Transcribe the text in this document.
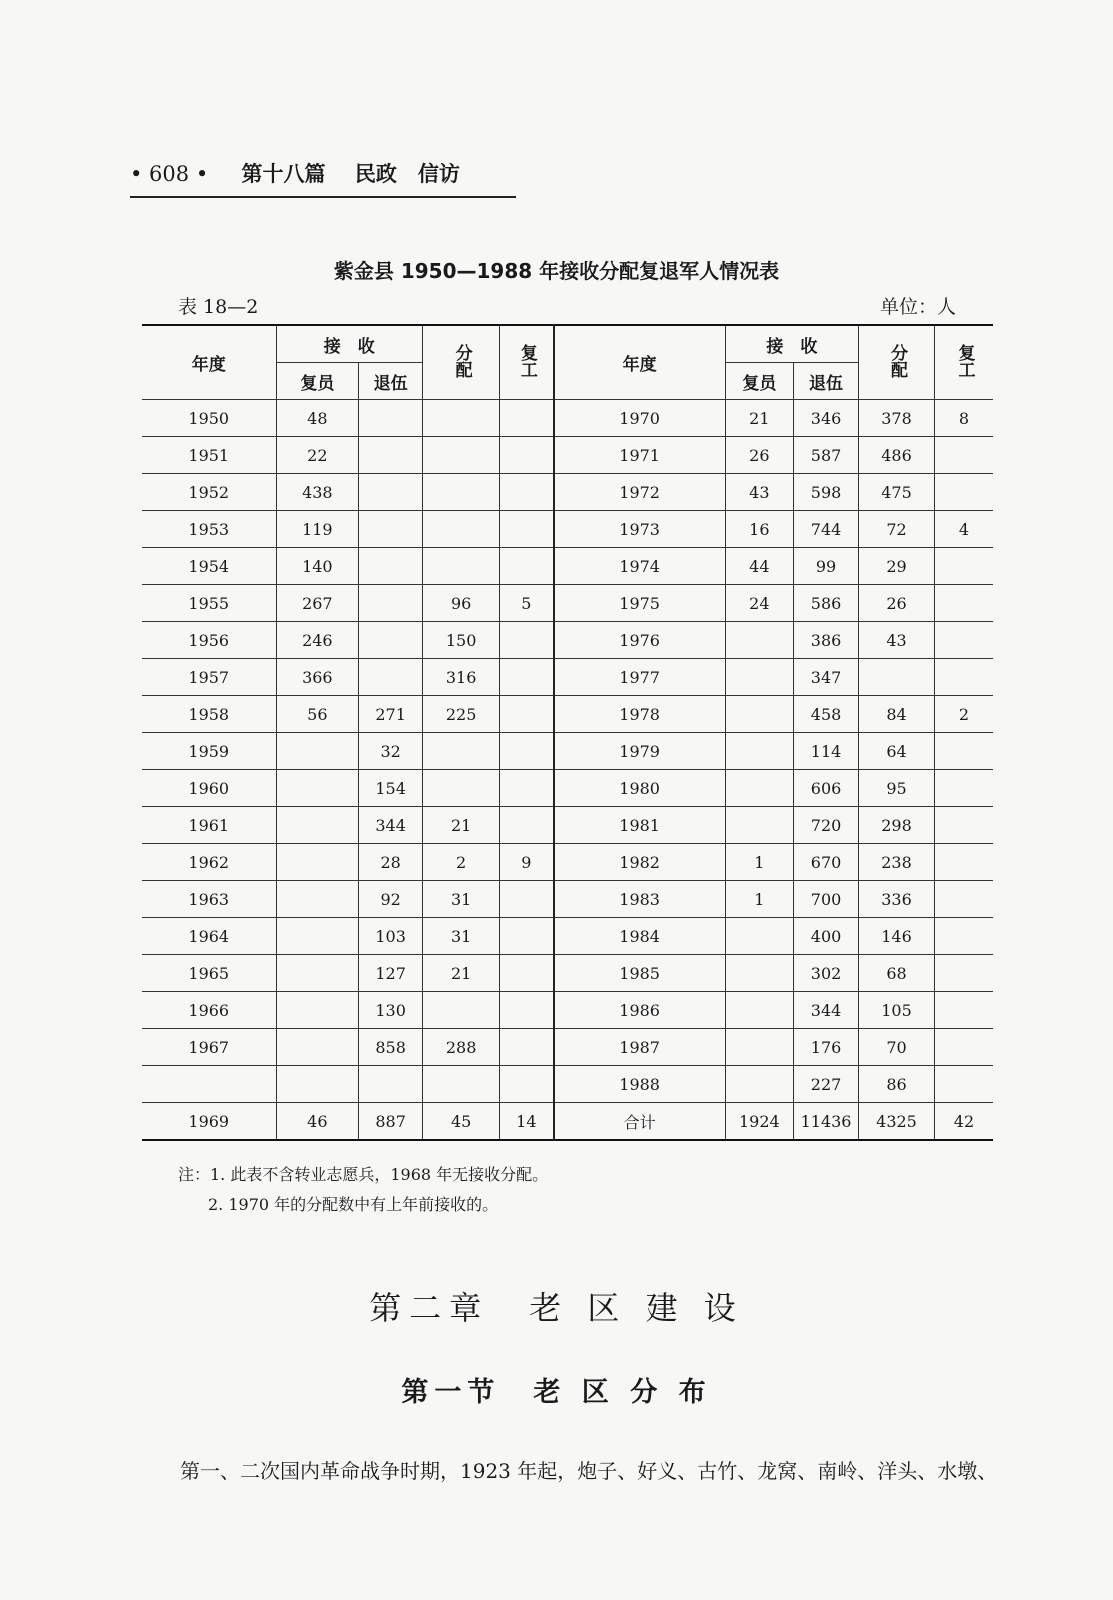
• 608 • 第十八篇 民政　信访
紫金县 1950—1988 年接收分配复退军人情况表
表 18—2	单位：人
年度	接　收		分配	复工	年度	接　收		分配	复工
	复员	退伍				复员	退伍		
1950	48				1970	21	346	378	8
1951	22				1971	26	587	486	
1952	438				1972	43	598	475	
1953	119				1973	16	744	72	4
1954	140				1974	44	99	29	
1955	267		96	5	1975	24	586	26	
1956	246		150		1976		386	43	
1957	366		316		1977		347		
1958	56	271	225		1978		458	84	2
1959		32			1979		114	64	
1960		154			1980		606	95	
1961		344	21		1981		720	298	
1962		28	2	9	1982	1	670	238	
1963		92	31		1983	1	700	336	
1964		103	31		1984		400	146	
1965		127	21		1985		302	68	
1966		130			1986		344	105	
1967		858	288		1987		176	70	
					1988		227	86	
1969	46	887	45	14	合计	1924	11436	4325	42
注：1. 此表不含转业志愿兵，1968 年无接收分配。
2. 1970 年的分配数中有上年前接收的。
第二章　老 区 建 设
第一节　老 区 分 布
第一、二次国内革命战争时期，1923 年起，炮子、好义、古竹、龙窝、南岭、洋头、水墩、
